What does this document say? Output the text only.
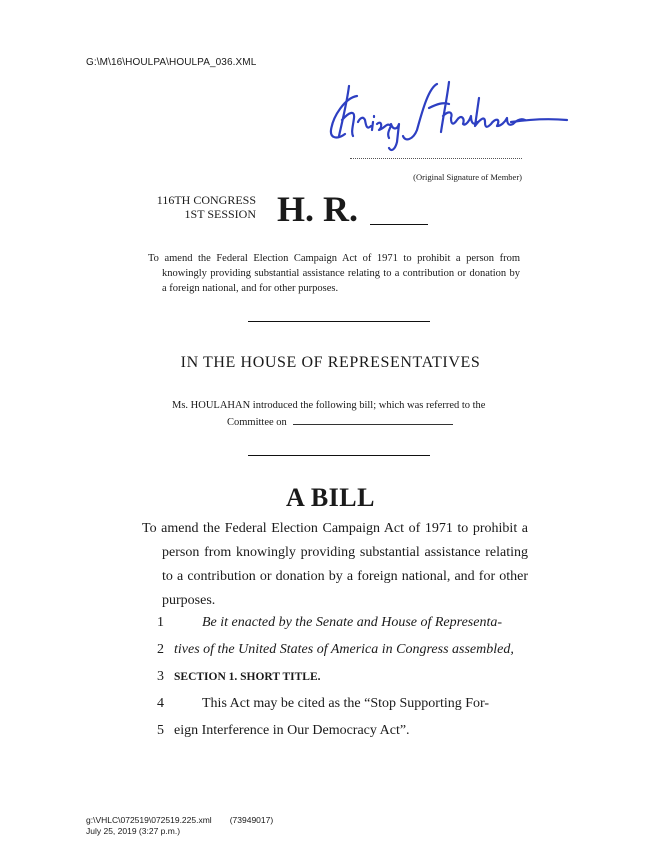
G:\M\16\HOULPA\HOULPA_036.XML
(Original Signature of Member)
116TH CONGRESS
1ST SESSION H. R.

To amend the Federal Election Campaign Act of 1971 to prohibit a person from knowingly providing substantial assistance relating to a contribution or donation by a foreign national, and for other purposes.

IN THE HOUSE OF REPRESENTATIVES
Ms. HOULAHAN introduced the following bill; which was referred to the
Committee on
A BILL

To amend the Federal Election Campaign Act of 1971 to prohibit a person from knowingly providing substantial assistance relating to a contribution or donation by a foreign national, and for other purposes.

1	Be it enacted by the Senate and House of Representa-
2 tives of the United States of America in Congress assembled,
3 SECTION 1. SHORT TITLE.
4	This Act may be cited as the “Stop Supporting For-
5 eign Interference in Our Democracy Act”.
g:\VHLC\072519\072519.225.xml (73949017)
July 25, 2019 (3:27 p.m.)
